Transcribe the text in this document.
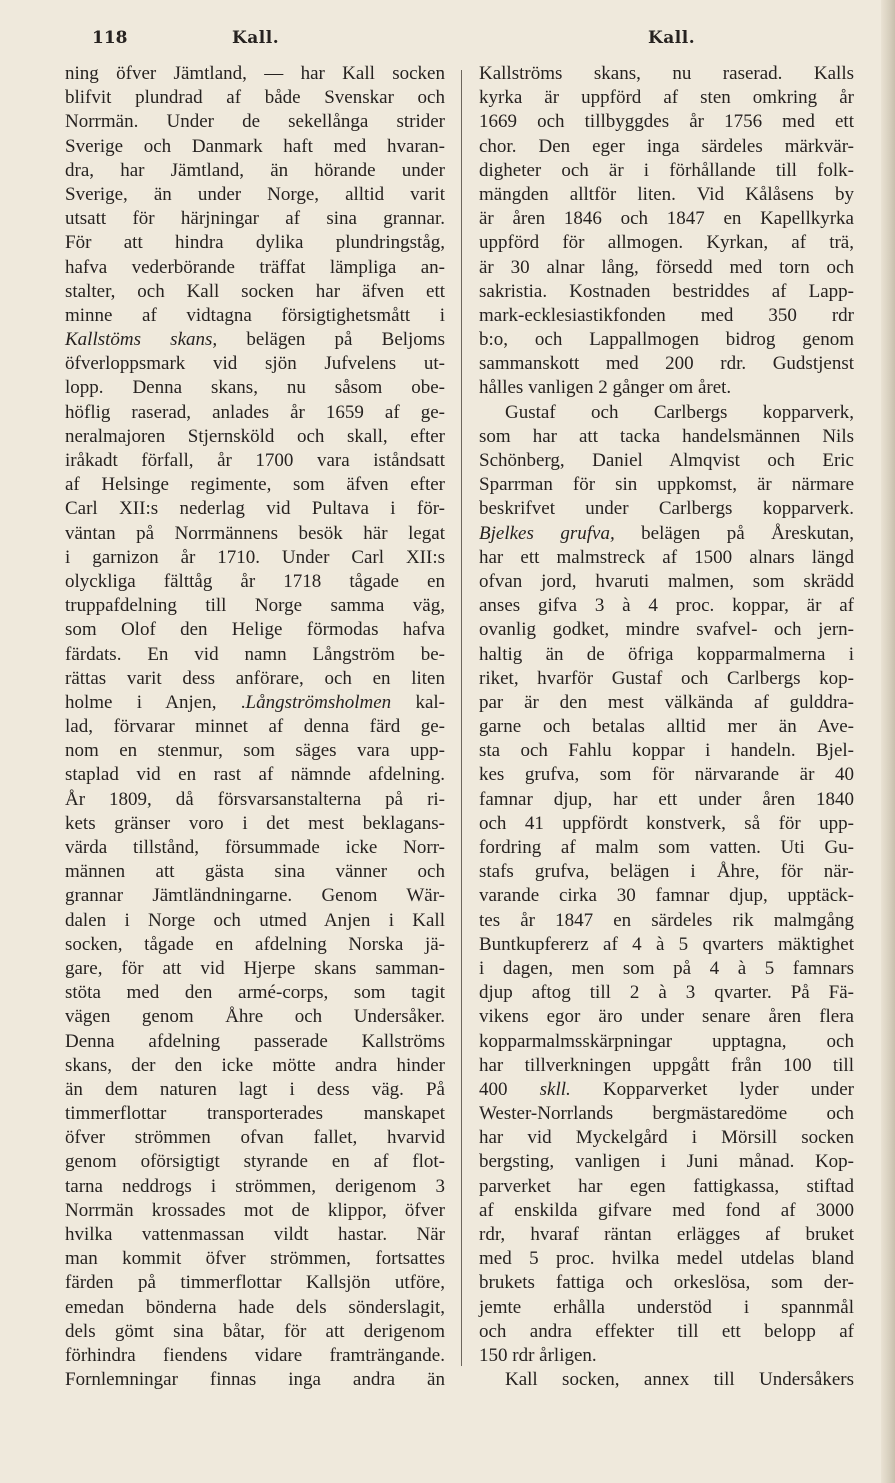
118	Kall.	Kall.
ning öfver Jämtland, — har Kall socken
blifvit plundrad af både Svenskar och
Norrmän. Under de sekellånga strider
Sverige och Danmark haft med hvaran-
dra, har Jämtland, än hörande under
Sverige, än under Norge, alltid varit
utsatt för härjningar af sina grannar.
För att hindra dylika plundringståg,
hafva vederbörande träffat lämpliga an-
stalter, och Kall socken har äfven ett
minne af vidtagna försigtighetsmått i
Kallstöms skans, belägen på Beljoms
öfverloppsmark vid sjön Jufvelens ut-
lopp. Denna skans, nu såsom obe-
höflig raserad, anlades år 1659 af ge-
neralmajoren Stjernsköld och skall, efter
iråkadt förfall, år 1700 vara iståndsatt
af Helsinge regimente, som äfven efter
Carl XII:s nederlag vid Pultava i för-
väntan på Norrmännens besök här legat
i garnizon år 1710. Under Carl XII:s
olyckliga fälttåg år 1718 tågade en
truppafdelning till Norge samma väg,
som Olof den Helige förmodas hafva
färdats. En vid namn Långström be-
rättas varit dess anförare, och en liten
holme i Anjen, .Långströmsholmen kal-
lad, förvarar minnet af denna färd ge-
nom en stenmur, som säges vara upp-
staplad vid en rast af nämnde afdelning.
År 1809, då försvarsanstalterna på ri-
kets gränser voro i det mest beklagans-
värda tillstånd, försummade icke Norr-
männen att gästa sina vänner och
grannar Jämtländningarne. Genom Wär-
dalen i Norge och utmed Anjen i Kall
socken, tågade en afdelning Norska jä-
gare, för att vid Hjerpe skans samman-
stöta med den armé-corps, som tagit
vägen genom Åhre och Undersåker.
Denna afdelning passerade Kallströms
skans, der den icke mötte andra hinder
än dem naturen lagt i dess väg. På
timmerflottar transporterades manskapet
öfver strömmen ofvan fallet, hvarvid
genom oförsigtigt styrande en af flot-
tarna neddrogs i strömmen, derigenom 3
Norrmän krossades mot de klippor, öfver
hvilka vattenmassan vildt hastar. När
man kommit öfver strömmen, fortsattes
färden på timmerflottar Kallsjön utföre,
emedan bönderna hade dels sönderslagit,
dels gömt sina båtar, för att derigenom
förhindra fiendens vidare framträngande.
Fornlemningar finnas inga andra än
Kallströms skans, nu raserad. Kalls
kyrka är uppförd af sten omkring år
1669 och tillbyggdes år 1756 med ett
chor. Den eger inga särdeles märkvär-
digheter och är i förhållande till folk-
mängden alltför liten. Vid Kålåsens by
är åren 1846 och 1847 en Kapellkyrka
uppförd för allmogen. Kyrkan, af trä,
är 30 alnar lång, försedd med torn och
sakristia. Kostnaden bestriddes af Lapp-
mark-ecklesiastikfonden med 350 rdr
b:o, och Lappallmogen bidrog genom
sammanskott med 200 rdr. Gudstjenst
hålles vanligen 2 gånger om året.
Gustaf och Carlbergs kopparverk,
som har att tacka handelsmännen Nils
Schönberg, Daniel Almqvist och Eric
Sparrman för sin uppkomst, är närmare
beskrifvet under Carlbergs kopparverk.
Bjelkes grufva, belägen på Åreskutan,
har ett malmstreck af 1500 alnars längd
ofvan jord, hvaruti malmen, som skrädd
anses gifva 3 à 4 proc. koppar, är af
ovanlig godket, mindre svafvel- och jern-
haltig än de öfriga kopparmalmerna i
riket, hvarför Gustaf och Carlbergs kop-
par är den mest välkända af gulddra-
garne och betalas alltid mer än Ave-
sta och Fahlu koppar i handeln. Bjel-
kes grufva, som för närvarande är 40
famnar djup, har ett under åren 1840
och 41 uppfördt konstverk, så för upp-
fordring af malm som vatten. Uti Gu-
stafs grufva, belägen i Åhre, för när-
varande cirka 30 famnar djup, upptäck-
tes år 1847 en särdeles rik malmgång
Buntkupfererz af 4 à 5 qvarters mäktighet
i dagen, men som på 4 à 5 famnars
djup aftog till 2 à 3 qvarter. På Fä-
vikens egor äro under senare åren flera
kopparmalmsskärpningar upptagna, och
har tillverkningen uppgått från 100 till
400 skll. Kopparverket lyder under
Wester-Norrlands bergmästaredöme och
har vid Myckelgård i Mörsill socken
bergsting, vanligen i Juni månad. Kop-
parverket har egen fattigkassa, stiftad
af enskilda gifvare med fond af 3000
rdr, hvaraf räntan erlägges af bruket
med 5 proc. hvilka medel utdelas bland
brukets fattiga och orkeslösa, som der-
jemte erhålla understöd i spannmål
och andra effekter till ett belopp af
150 rdr årligen.
Kall socken, annex till Undersåkers
